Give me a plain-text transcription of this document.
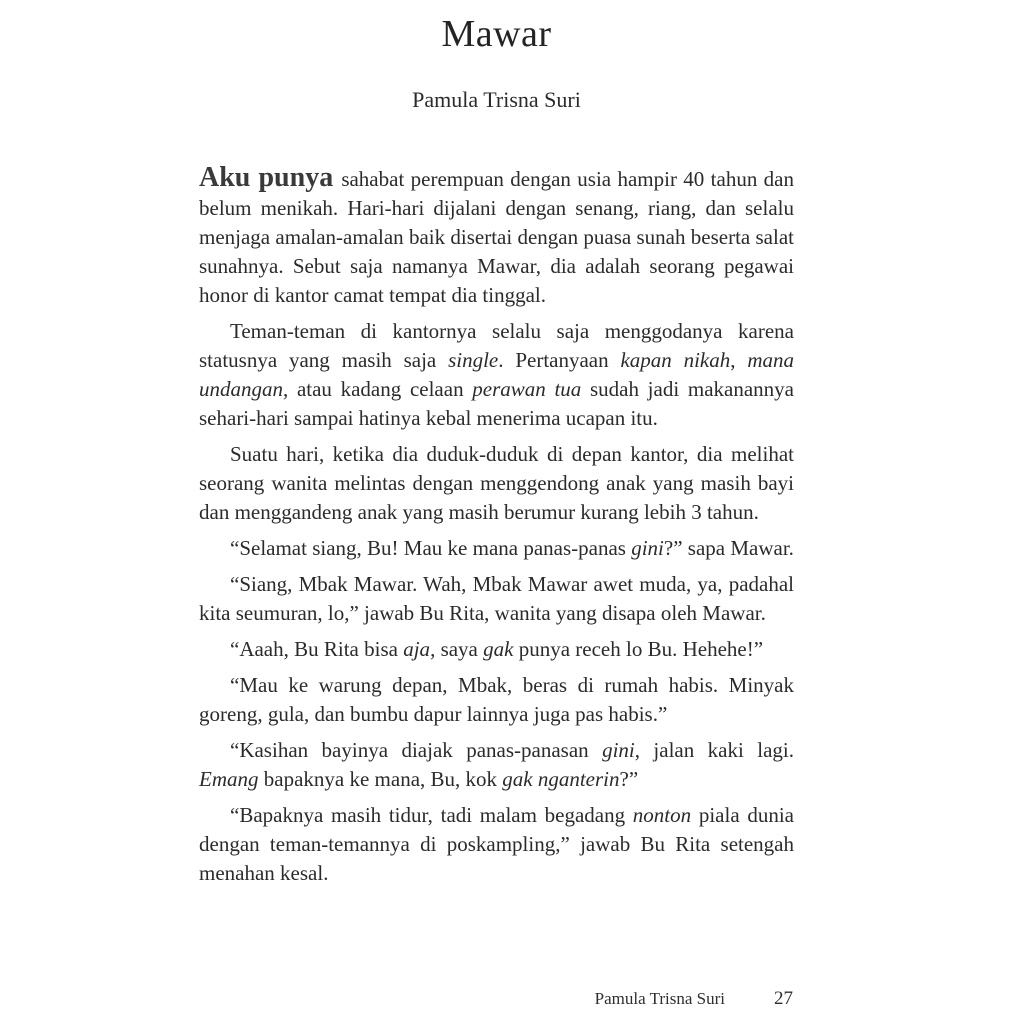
Mawar
Pamula Trisna Suri

Aku punya sahabat perempuan dengan usia hampir 40 tahun dan belum menikah. Hari-hari dijalani dengan senang, riang, dan selalu menjaga amalan-amalan baik disertai dengan puasa sunah beserta salat sunahnya. Sebut saja namanya Mawar, dia adalah seorang pegawai honor di kantor camat tempat dia tinggal.

Teman-teman di kantornya selalu saja menggodanya karena statusnya yang masih saja single. Pertanyaan kapan nikah, mana undangan, atau kadang celaan perawan tua sudah jadi makanannya sehari-hari sampai hatinya kebal menerima ucapan itu.

Suatu hari, ketika dia duduk-duduk di depan kantor, dia melihat seorang wanita melintas dengan menggendong anak yang masih bayi dan menggandeng anak yang masih berumur kurang lebih 3 tahun.

“Selamat siang, Bu! Mau ke mana panas-panas gini?” sapa Mawar.

“Siang, Mbak Mawar. Wah, Mbak Mawar awet muda, ya, padahal kita seumuran, lo,” jawab Bu Rita, wanita yang disapa oleh Mawar.

“Aaah, Bu Rita bisa aja, saya gak punya receh lo Bu. Hehehe!”

“Mau ke warung depan, Mbak, beras di rumah habis. Minyak goreng, gula, dan bumbu dapur lainnya juga pas habis.”

“Kasihan bayinya diajak panas-panasan gini, jalan kaki lagi. Emang bapaknya ke mana, Bu, kok gak nganterin?”

“Bapaknya masih tidur, tadi malam begadang nonton piala dunia dengan teman-temannya di poskampling,” jawab Bu Rita setengah menahan kesal.

Pamula Trisna Suri	27
